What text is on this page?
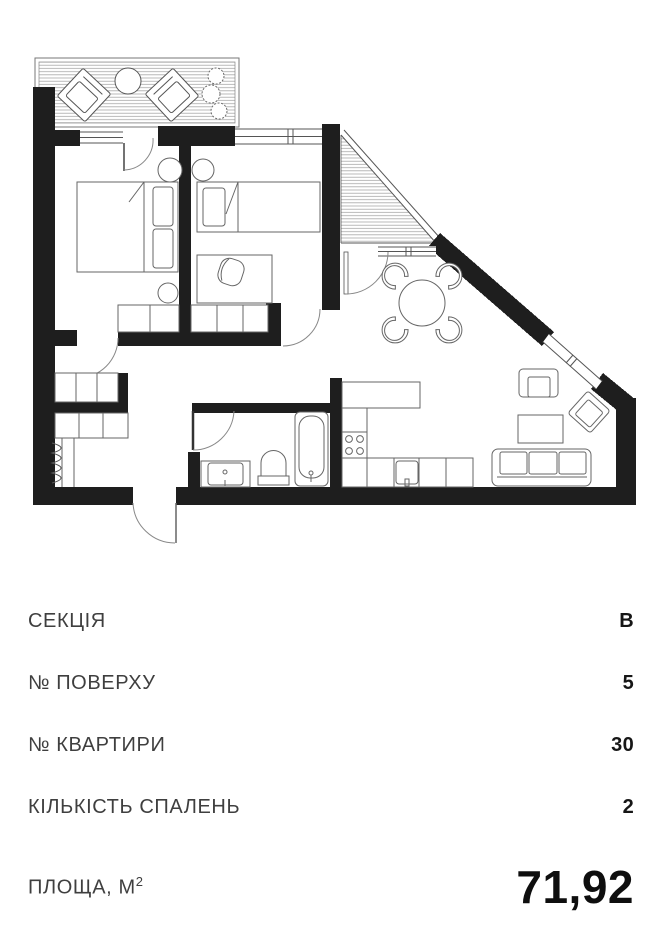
СЕКЦІЯ	В
№ ПОВЕРХУ	5
№ КВАРТИРИ	30
КІЛЬКІСТЬ СПАЛЕНЬ	2
ПЛОЩА, $М^2$	71,92
